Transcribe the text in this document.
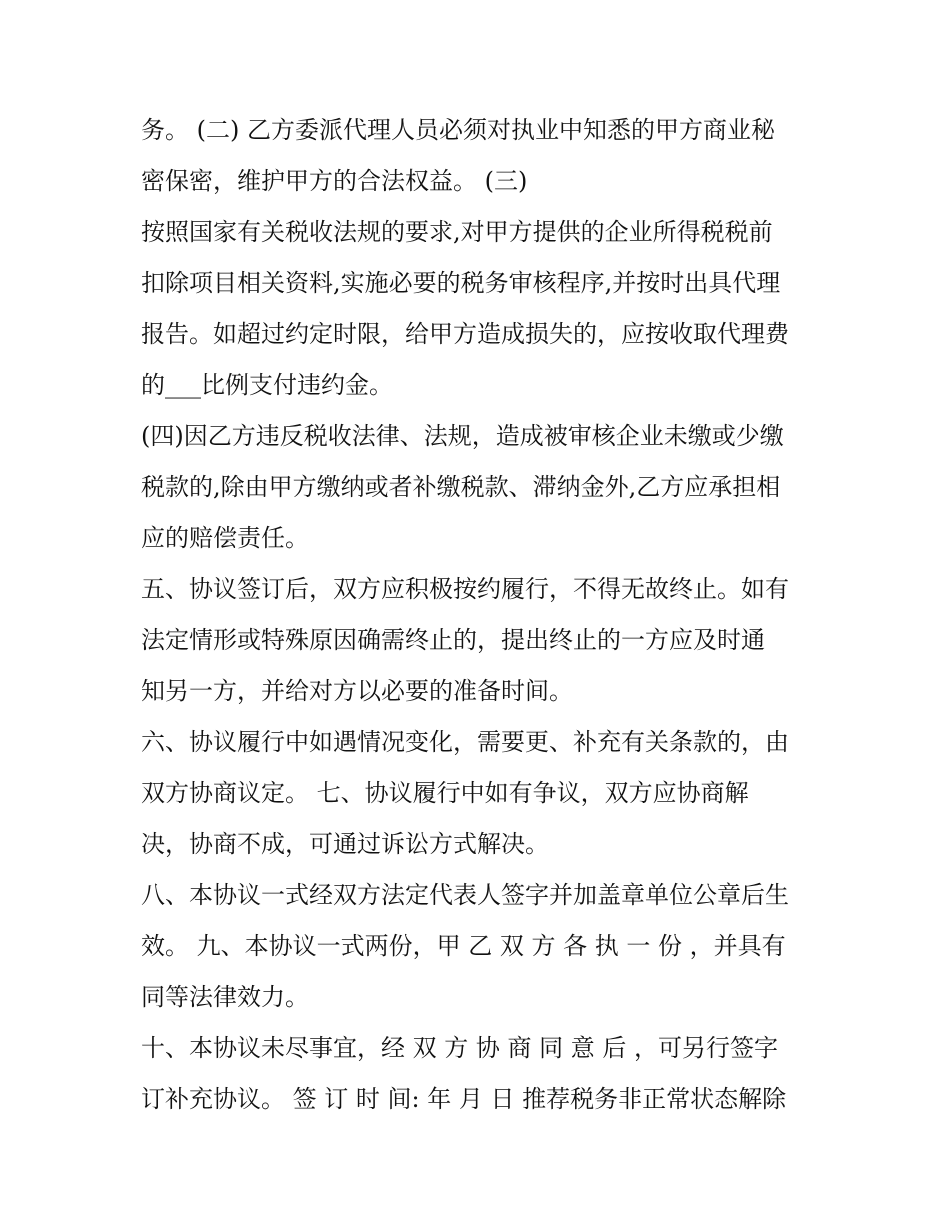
务。 (二) 乙方委派代理人员必须对执业中知悉的甲方商业秘
密保密，维护甲方的合法权益。 (三)
按照国家有关税收法规的要求,对甲方提供的企业所得税税前
扣除项目相关资料,实施必要的税务审核程序,并按时出具代理
报告。如超过约定时限，给甲方造成损失的，应按收取代理费
的___比例支付违约金。
(四)因乙方违反税收法律、法规，造成被审核企业未缴或少缴
税款的,除由甲方缴纳或者补缴税款、滞纳金外,乙方应承担相
应的赔偿责任。
五、协议签订后，双方应积极按约履行，不得无故终止。如有
法定情形或特殊原因确需终止的，提出终止的一方应及时通
知另一方，并给对方以必要的准备时间。
六、协议履行中如遇情况变化，需要更、补充有关条款的，由
双方协商议定。 七、协议履行中如有争议，双方应协商解
决，协商不成，可通过诉讼方式解决。
八、本协议一式经双方法定代表人签字并加盖章单位公章后生
效。 九、本协议一式两份，甲 乙 双 方 各 执 一 份 ，并具有
同等法律效力。
十、本协议未尽事宜，经 双 方 协 商 同 意 后 ，可另行签字
订补充协议。 签 订 时 间: 年 月 日 推荐税务非正常状态解除
